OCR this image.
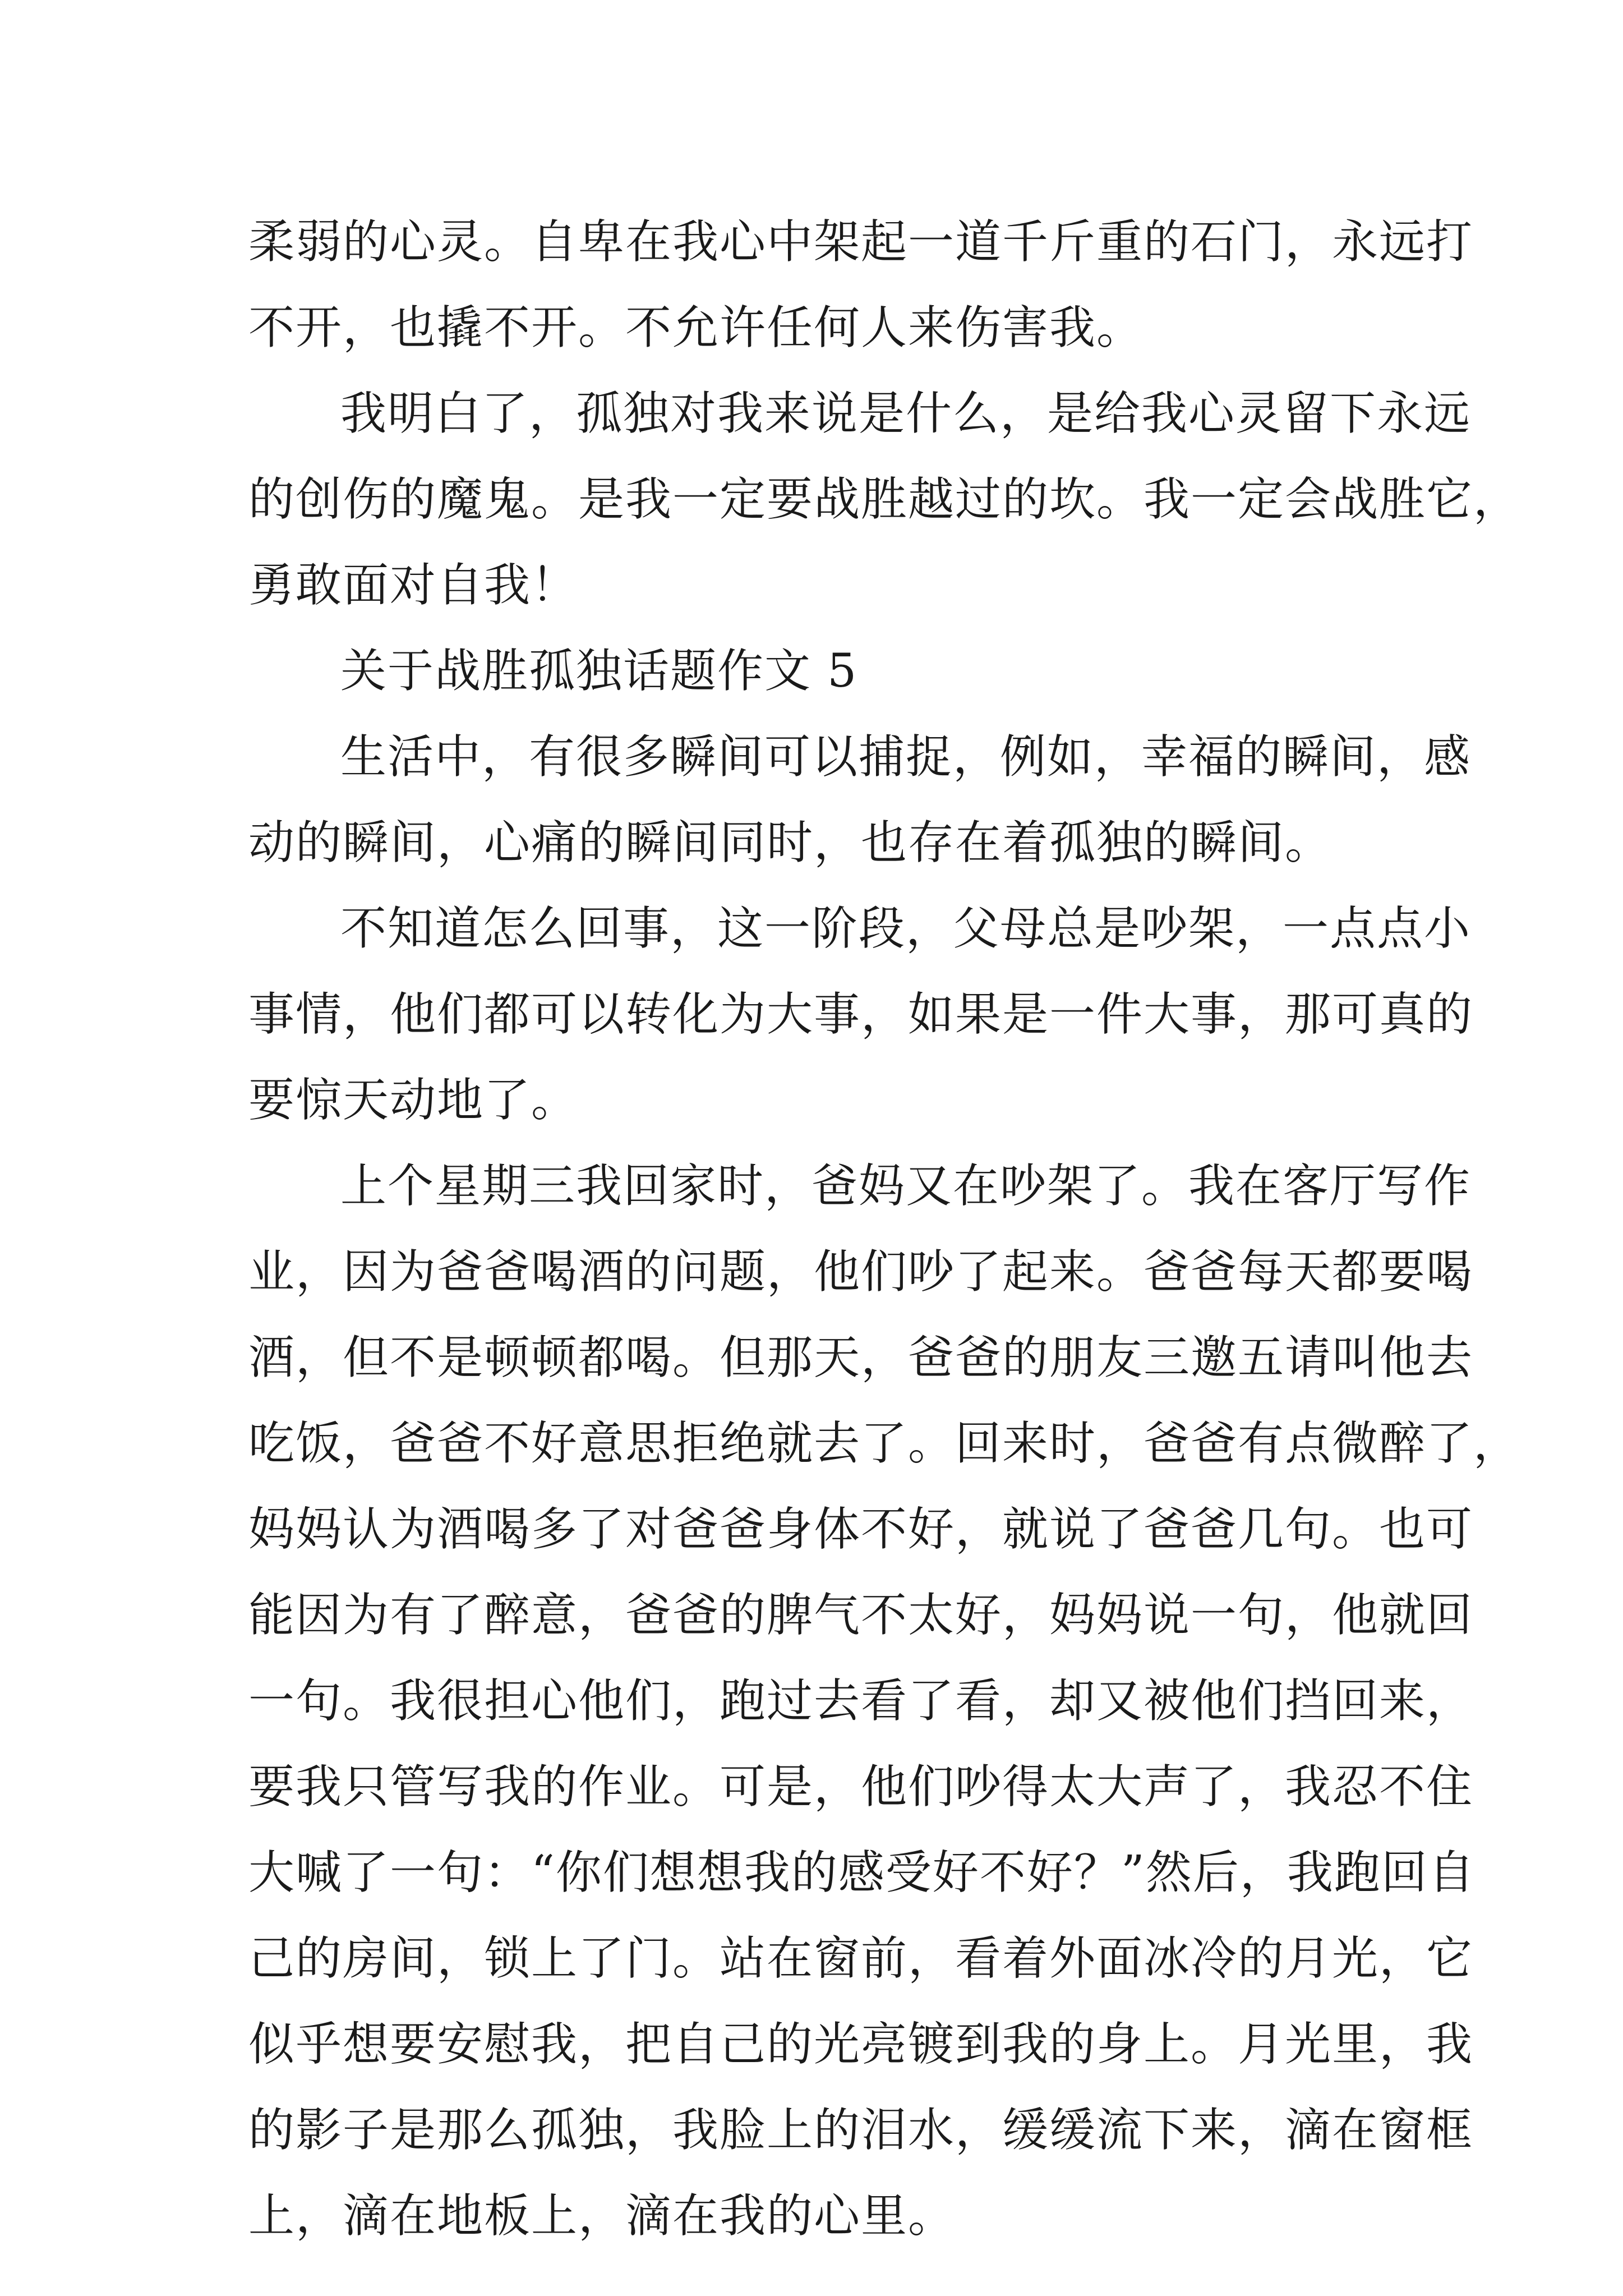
柔弱的心灵。自卑在我心中架起一道千斤重的石门，永远打
不开，也撬不开。不允许任何人来伤害我。
我明白了，孤独对我来说是什么，是给我心灵留下永远
的创伤的魔鬼。是我一定要战胜越过的坎。我一定会战胜它，
勇敢面对自我！
关于战胜孤独话题作文 5
生活中，有很多瞬间可以捕捉，例如，幸福的瞬间，感
动的瞬间，心痛的瞬间同时，也存在着孤独的瞬间。
不知道怎么回事，这一阶段，父母总是吵架，一点点小
事情，他们都可以转化为大事，如果是一件大事，那可真的
要惊天动地了。
上个星期三我回家时，爸妈又在吵架了。我在客厅写作
业，因为爸爸喝酒的问题，他们吵了起来。爸爸每天都要喝
酒，但不是顿顿都喝。但那天，爸爸的朋友三邀五请叫他去
吃饭，爸爸不好意思拒绝就去了。回来时，爸爸有点微醉了，
妈妈认为酒喝多了对爸爸身体不好，就说了爸爸几句。也可
能因为有了醉意，爸爸的脾气不太好，妈妈说一句，他就回
一句。我很担心他们，跑过去看了看，却又被他们挡回来，
要我只管写我的作业。可是，他们吵得太大声了，我忍不住
大喊了一句：“你们想想我的感受好不好？”然后，我跑回自
己的房间，锁上了门。站在窗前，看着外面冰冷的月光，它
似乎想要安慰我，把自己的光亮镀到我的身上。月光里，我
的影子是那么孤独，我脸上的泪水，缓缓流下来，滴在窗框
上，滴在地板上，滴在我的心里。
